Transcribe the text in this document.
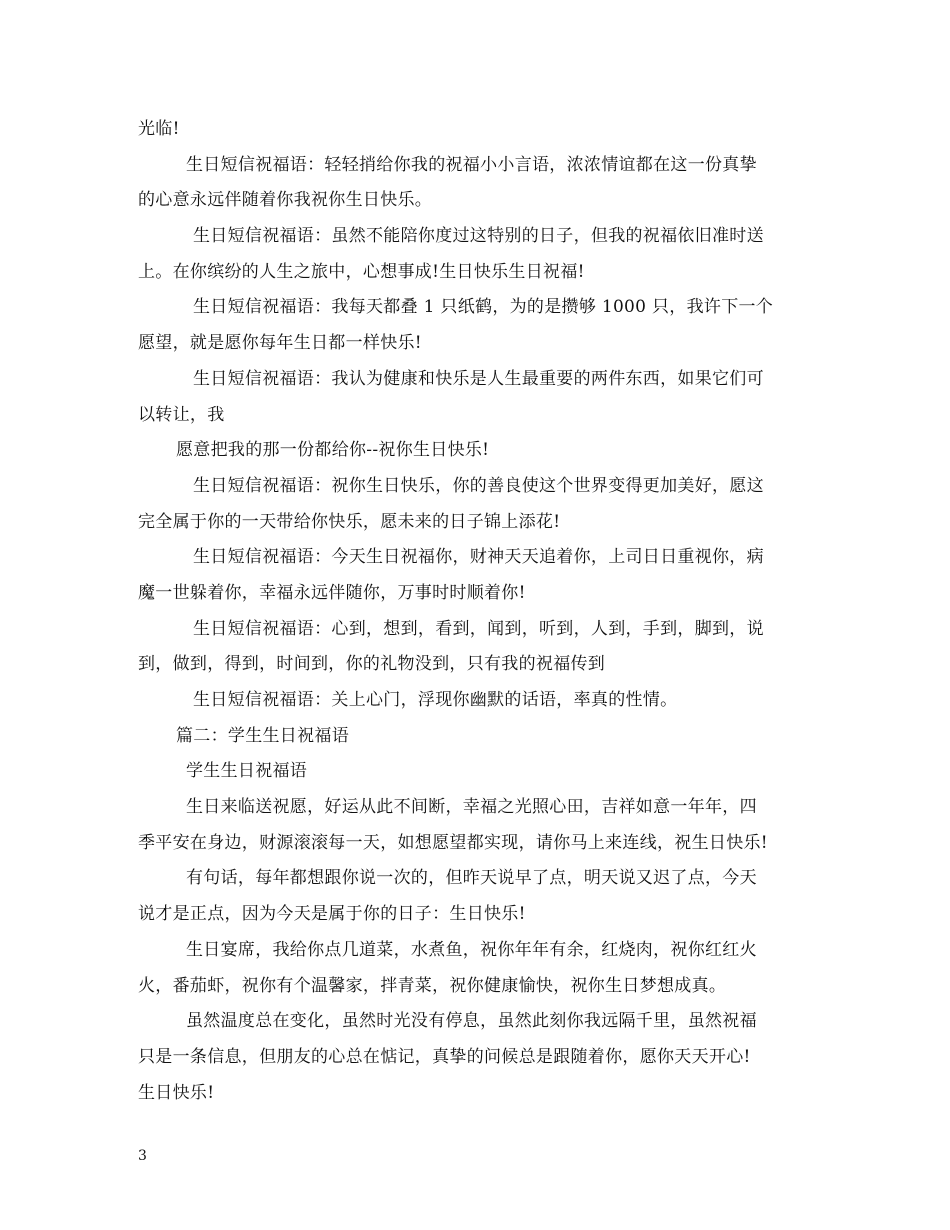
光临!
生日短信祝福语：轻轻捎给你我的祝福小小言语，浓浓情谊都在这一份真挚
的心意永远伴随着你我祝你生日快乐。
生日短信祝福语：虽然不能陪你度过这特别的日子，但我的祝福依旧准时送
上。在你缤纷的人生之旅中，心想事成!生日快乐生日祝福!
生日短信祝福语：我每天都叠 1 只纸鹤，为的是攒够 1000 只，我许下一个
愿望，就是愿你每年生日都一样快乐!
生日短信祝福语：我认为健康和快乐是人生最重要的两件东西，如果它们可
以转让，我
愿意把我的那一份都给你--祝你生日快乐!
生日短信祝福语：祝你生日快乐，你的善良使这个世界变得更加美好，愿这
完全属于你的一天带给你快乐，愿未来的日子锦上添花!
生日短信祝福语：今天生日祝福你，财神天天追着你，上司日日重视你，病
魔一世躲着你，幸福永远伴随你，万事时时顺着你!
生日短信祝福语：心到，想到，看到，闻到，听到，人到，手到，脚到，说
到，做到，得到，时间到，你的礼物没到，只有我的祝福传到
生日短信祝福语：关上心门，浮现你幽默的话语，率真的性情。
篇二：学生生日祝福语
学生生日祝福语
生日来临送祝愿，好运从此不间断，幸福之光照心田，吉祥如意一年年，四
季平安在身边，财源滚滚每一天，如想愿望都实现，请你马上来连线，祝生日快乐!
有句话，每年都想跟你说一次的，但昨天说早了点，明天说又迟了点，今天
说才是正点，因为今天是属于你的日子：生日快乐!
生日宴席，我给你点几道菜，水煮鱼，祝你年年有余，红烧肉，祝你红红火
火，番茄虾，祝你有个温馨家，拌青菜，祝你健康愉快，祝你生日梦想成真。
虽然温度总在变化，虽然时光没有停息，虽然此刻你我远隔千里，虽然祝福
只是一条信息，但朋友的心总在惦记，真挚的问候总是跟随着你，愿你天天开心!
生日快乐!
3
